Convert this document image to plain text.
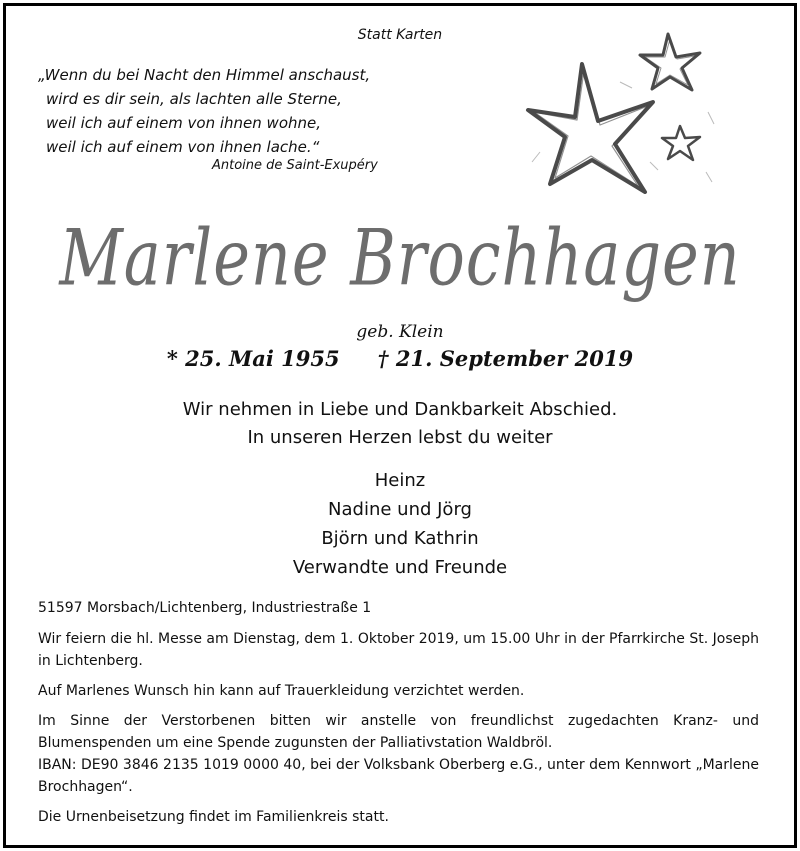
Statt Karten
„Wenn du bei Nacht den Himmel anschaust,
wird es dir sein, als lachten alle Sterne,
weil ich auf einem von ihnen wohne,
weil ich auf einem von ihnen lache.“
Antoine de Saint-Exupéry
Marlene Brochhagen
geb. Klein
* 25. Mai 1955 † 21. September 2019
Wir nehmen in Liebe und Dankbarkeit Abschied.
In unseren Herzen lebst du weiter
Heinz
Nadine und Jörg
Björn und Kathrin
Verwandte und Freunde
51597 Morsbach/Lichtenberg, Industriestraße 1
Wir feiern die hl. Messe am Dienstag, dem 1. Oktober 2019, um 15.00 Uhr in der Pfarrkirche St. Joseph in Lichtenberg.
Auf Marlenes Wunsch hin kann auf Trauerkleidung verzichtet werden.
Im Sinne der Verstorbenen bitten wir anstelle von freundlichst zugedachten Kranz- und Blumenspenden um eine Spende zugunsten der Palliativstation Waldbröl.
IBAN: DE90 3846 2135 1019 0000 40, bei der Volksbank Oberberg e.G., unter dem Kennwort „Marlene Brochhagen“.
Die Urnenbeisetzung findet im Familienkreis statt.
